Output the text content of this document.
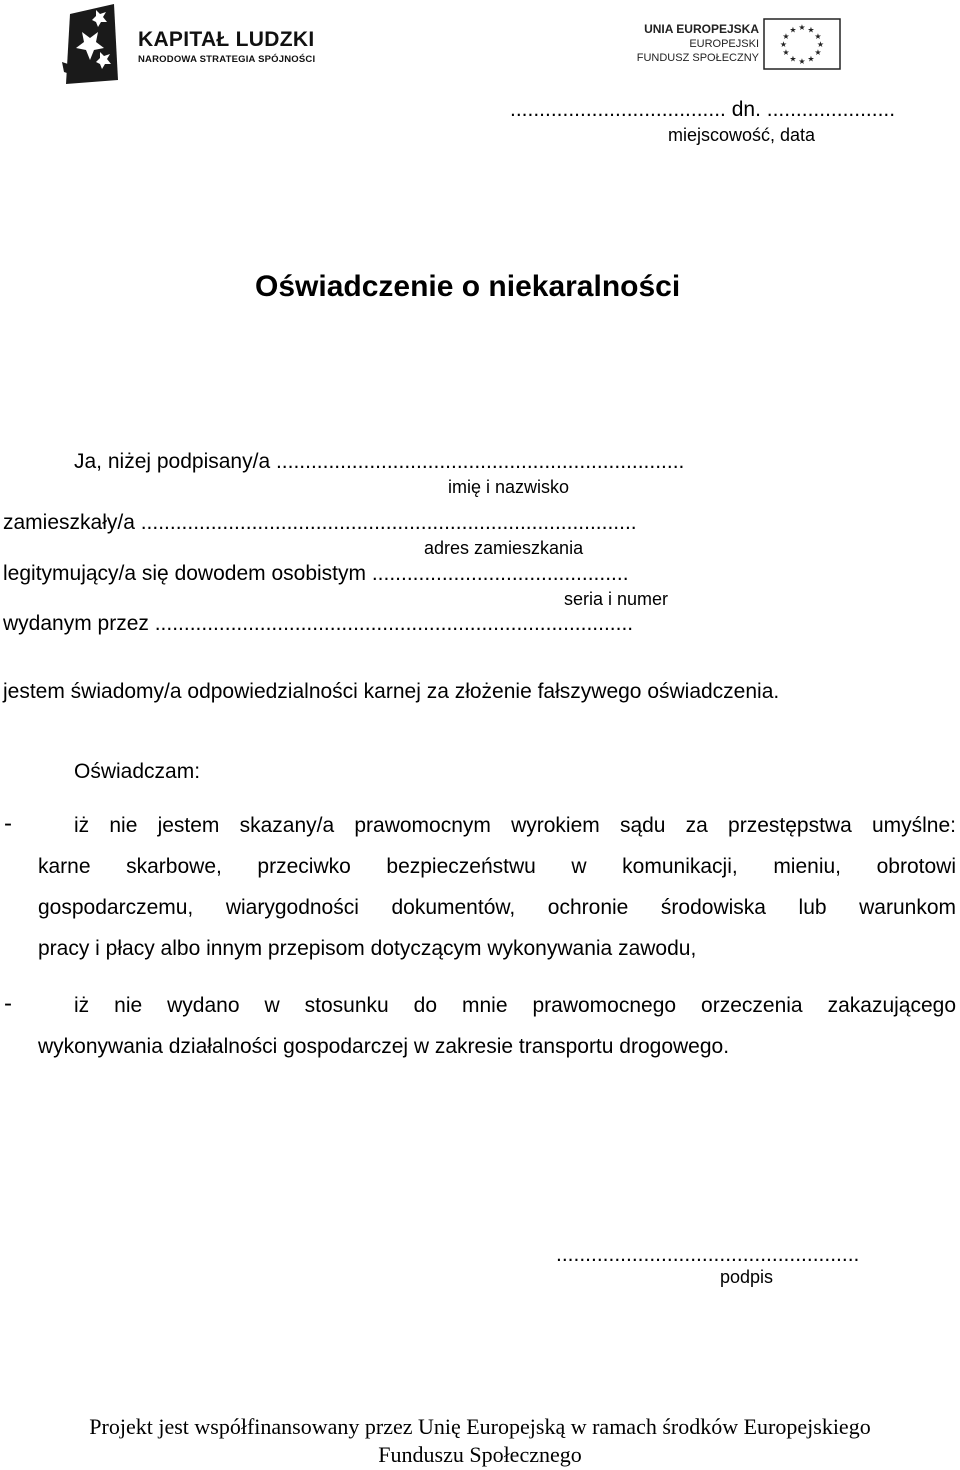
KAPITAŁ LUDZKI
NARODOWA STRATEGIA SPÓJNOŚCI
UNIA EUROPEJSKA
EUROPEJSKI
FUNDUSZ SPOŁECZNY
★ ★
★
★
★
★
★
★
★
★
★
★
..................................... dn. ......................
miejscowość, data
Oświadczenie o niekaralności
Ja, niżej podpisany/a ......................................................................
imię i nazwisko
zamieszkały/a .....................................................................................
adres zamieszkania
legitymujący/a się dowodem osobistym ............................................
seria i numer
wydanym przez ..................................................................................
jestem świadomy/a odpowiedzialności karnej za złożenie fałszywego oświadczenia.
Oświadczam:
-	iż nie jestem skazany/a prawomocnym wyrokiem sądu za przestępstwa umyślne:
karne skarbowe, przeciwko bezpieczeństwu w komunikacji, mieniu, obrotowi
gospodarczemu, wiarygodności dokumentów, ochronie środowiska lub warunkom
pracy i płacy albo innym przepisom dotyczącym wykonywania zawodu,
-	iż nie wydano w stosunku do mnie prawomocnego orzeczenia zakazującego
wykonywania działalności gospodarczej w zakresie transportu drogowego.
....................................................
podpis
Projekt jest współfinansowany przez Unię Europejską w ramach środków Europejskiego
Funduszu Społecznego
